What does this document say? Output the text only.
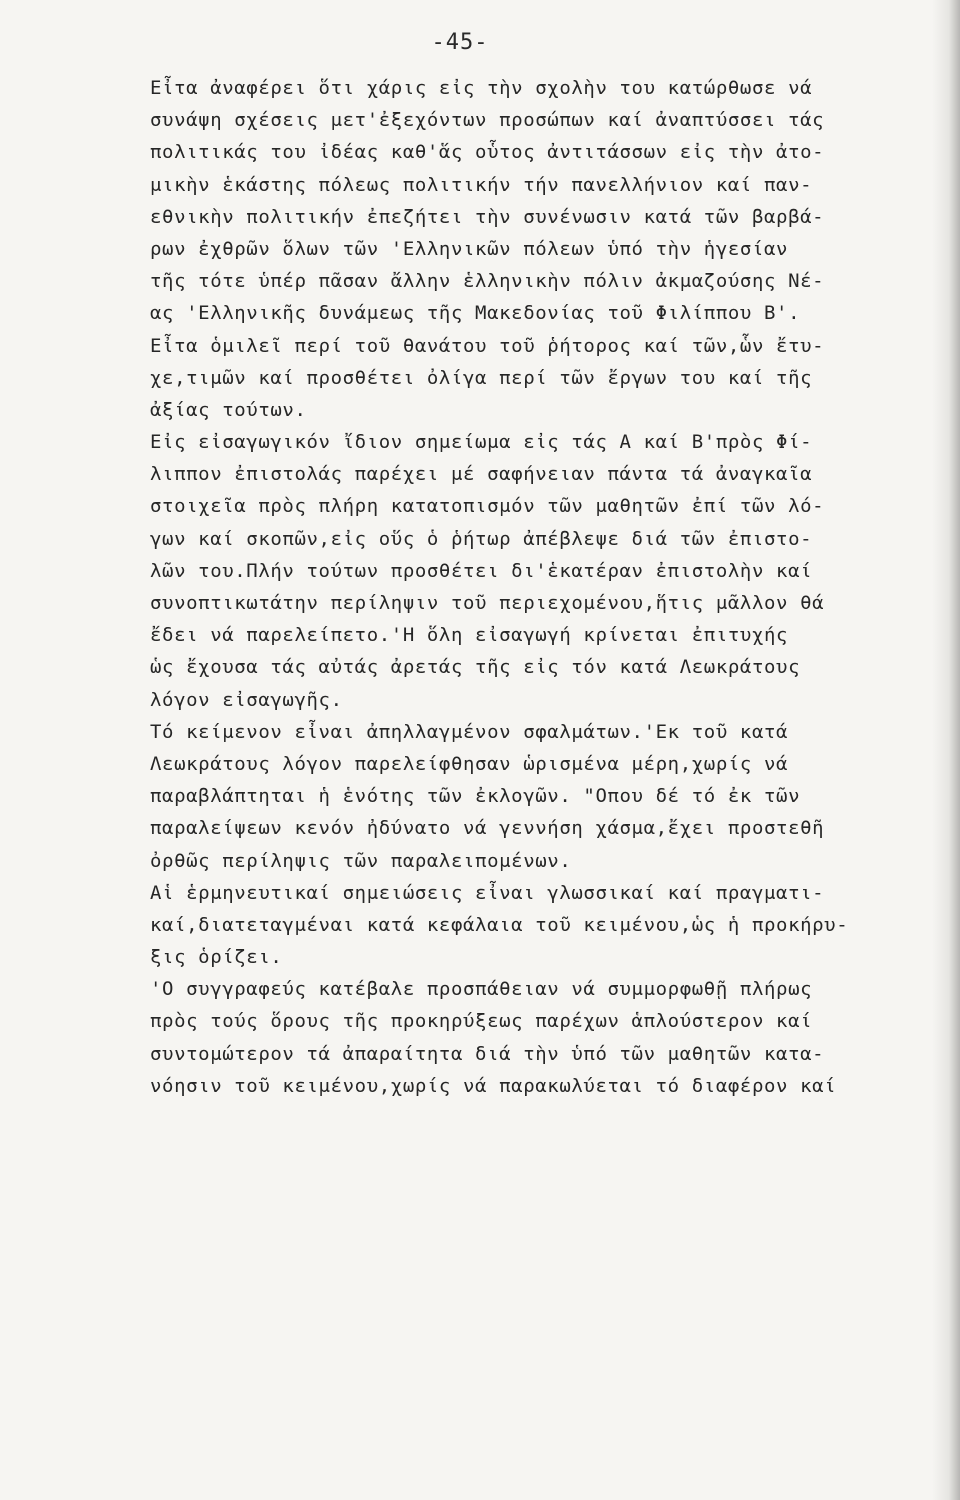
-45-
Εἶτα ἀναφέρει ὅτι χάρις εἰς τὴν σχολὴν του κατώρθωσε νά
συνάψη σχέσεις μετ'ἐξεχόντων προσώπων καί ἀναπτύσσει τάς
πολιτικάς του ἰδέας καθ'ἅς οὗτος ἀντιτάσσων εἰς τὴν ἀτο-
μικὴν ἑκάστης πόλεως πολιτικήν τήν πανελλήνιον καί παν-
εθνικὴν πολιτικήν ἐπεζήτει τὴν συνένωσιν κατά τῶν βαρβά-
ρων ἐχθρῶν ὅλων τῶν 'Ελληνικῶν πόλεων ὑπό τὴν ἡγεσίαν
τῆς τότε ὑπέρ πᾶσαν ἄλλην ἑλληνικὴν πόλιν ἀκμαζούσης Νέ-
ας 'Ελληνικῆς δυνάμεως τῆς Μακεδονίας τοῦ Φιλίππου Β'.
Εἶτα ὁμιλεῖ περί τοῦ θανάτου τοῦ ῥήτορος καί τῶν,ὧν ἔτυ-
χε,τιμῶν καί προσθέτει ὀλίγα περί τῶν ἔργων του καί τῆς
ἀξίας τούτων.
Εἰς εἰσαγωγικόν ἴδιον σημείωμα εἰς τάς Α καί Β'πρὸς Φί-
λιππον ἐπιστολάς παρέχει μέ σαφήνειαν πάντα τά ἀναγκαῖα
στοιχεῖα πρὸς πλήρη κατατοπισμόν τῶν μαθητῶν ἐπί τῶν λό-
γων καί σκοπῶν,εἰς οὕς ὁ ῥήτωρ ἀπέβλεψε διά τῶν ἐπιστο-
λῶν του.Πλήν τούτων προσθέτει δι'ἑκατέραν ἐπιστολὴν καί
συνοπτικωτάτην περίληψιν τοῦ περιεχομένου,ἥτις μᾶλλον θά
ἔδει νά παρελείπετο.'Η ὅλη εἰσαγωγή κρίνεται ἐπιτυχής
ὡς ἔχουσα τάς αὐτάς ἀρετάς τῆς εἰς τόν κατά Λεωκράτους
λόγον εἰσαγωγῆς.
Τό κείμενον εἶναι ἀπηλλαγμένον σφαλμάτων.'Εκ τοῦ κατά
Λεωκράτους λόγον παρελείφθησαν ὡρισμένα μέρη,χωρίς νά
παραβλάπτηται ἡ ἑνότης τῶν ἐκλογῶν. "Οπου δέ τό ἐκ τῶν
παραλείψεων κενόν ἠδύνατο νά γεννήση χάσμα,ἔχει προστεθῆ
ὀρθῶς περίληψις τῶν παραλειπομένων.
Αἱ ἑρμηνευτικαί σημειώσεις εἶναι γλωσσικαί καί πραγματι-
καί,διατεταγμέναι κατά κεφάλαια τοῦ κειμένου,ὡς ἡ προκήρυ-
ξις ὁρίζει.
'Ο συγγραφεύς κατέβαλε προσπάθειαν νά συμμορφωθῇ πλήρως
πρὸς τούς ὅρους τῆς προκηρύξεως παρέχων ἁπλούστερον καί
συντομώτερον τά ἀπαραίτητα διά τὴν ὑπό τῶν μαθητῶν κατα-
νόησιν τοῦ κειμένου,χωρίς νά παρακωλύεται τό διαφέρον καί
